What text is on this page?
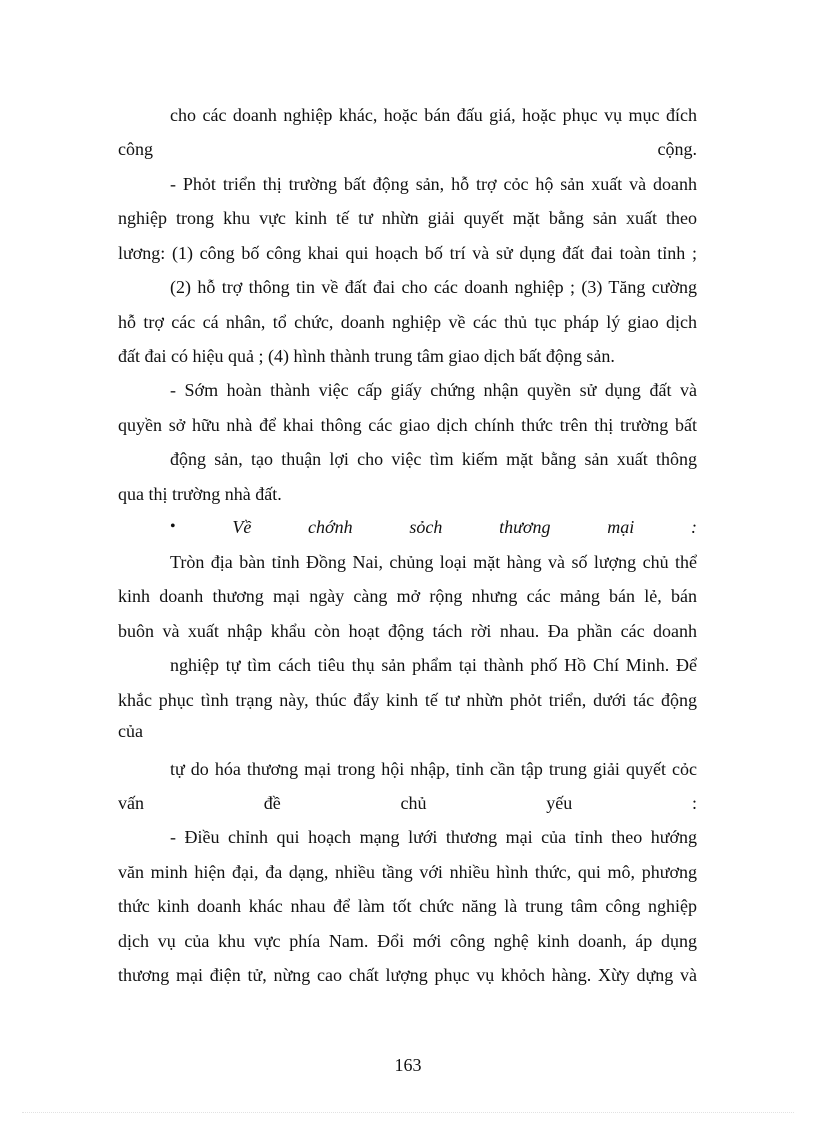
cho các doanh nghiệp khác, hoặc bán đấu giá, hoặc phục vụ mục đích
công	cộng.
- Phỏt triển thị trường bất động sản, hỗ trợ cỏc hộ sản xuất và doanh
nghiệp trong khu vực kinh tế tư nhừn giải quyết mặt bằng sản xuất theo
lương: (1) công bố công khai qui hoạch bố trí và sử dụng đất đai toàn tỉnh ;
(2) hỗ trợ thông tin về đất đai cho các doanh nghiệp ; (3) Tăng cường
hỗ trợ các cá nhân, tổ chức, doanh nghiệp về các thủ tục pháp lý giao dịch
đất đai có hiệu quả ; (4) hình thành trung tâm giao dịch bất động sản.
- Sớm hoàn thành việc cấp giấy chứng nhận quyền sử dụng đất và
quyền sở hữu nhà để khai thông các giao dịch chính thức trên thị trường bất
động sản, tạo thuận lợi cho việc tìm kiếm mặt bằng sản xuất thông
qua thị trường nhà đất.
•	Về	chớnh	sỏch	thương	mại	:
Tròn địa bàn tỉnh Đồng Nai, chủng loại mặt hàng và số lượng chủ thể
kinh doanh thương mại ngày càng mở rộng nhưng các mảng bán lẻ, bán
buôn và xuất nhập khẩu còn hoạt động tách rời nhau. Đa phần các doanh
nghiệp tự tìm cách tiêu thụ sản phẩm tại thành phố Hồ Chí Minh. Để
khắc phục tình trạng này, thúc đẩy kinh tế tư nhừn phỏt triển, dưới tác động
của
tự do hóa thương mại trong hội nhập, tỉnh cần tập trung giải quyết cỏc
vấn	đề	chủ	yếu	:
- Điều chỉnh qui hoạch mạng lưới thương mại của tỉnh theo hướng
văn minh hiện đại, đa dạng, nhiều tầng với nhiều hình thức, qui mô, phương
thức kinh doanh khác nhau để làm tốt chức năng là trung tâm công nghiệp
dịch vụ của khu vực phía Nam. Đổi mới công nghệ kinh doanh, áp dụng
thương mại điện tử, nừng cao chất lượng phục vụ khỏch hàng. Xừy dựng và
163
